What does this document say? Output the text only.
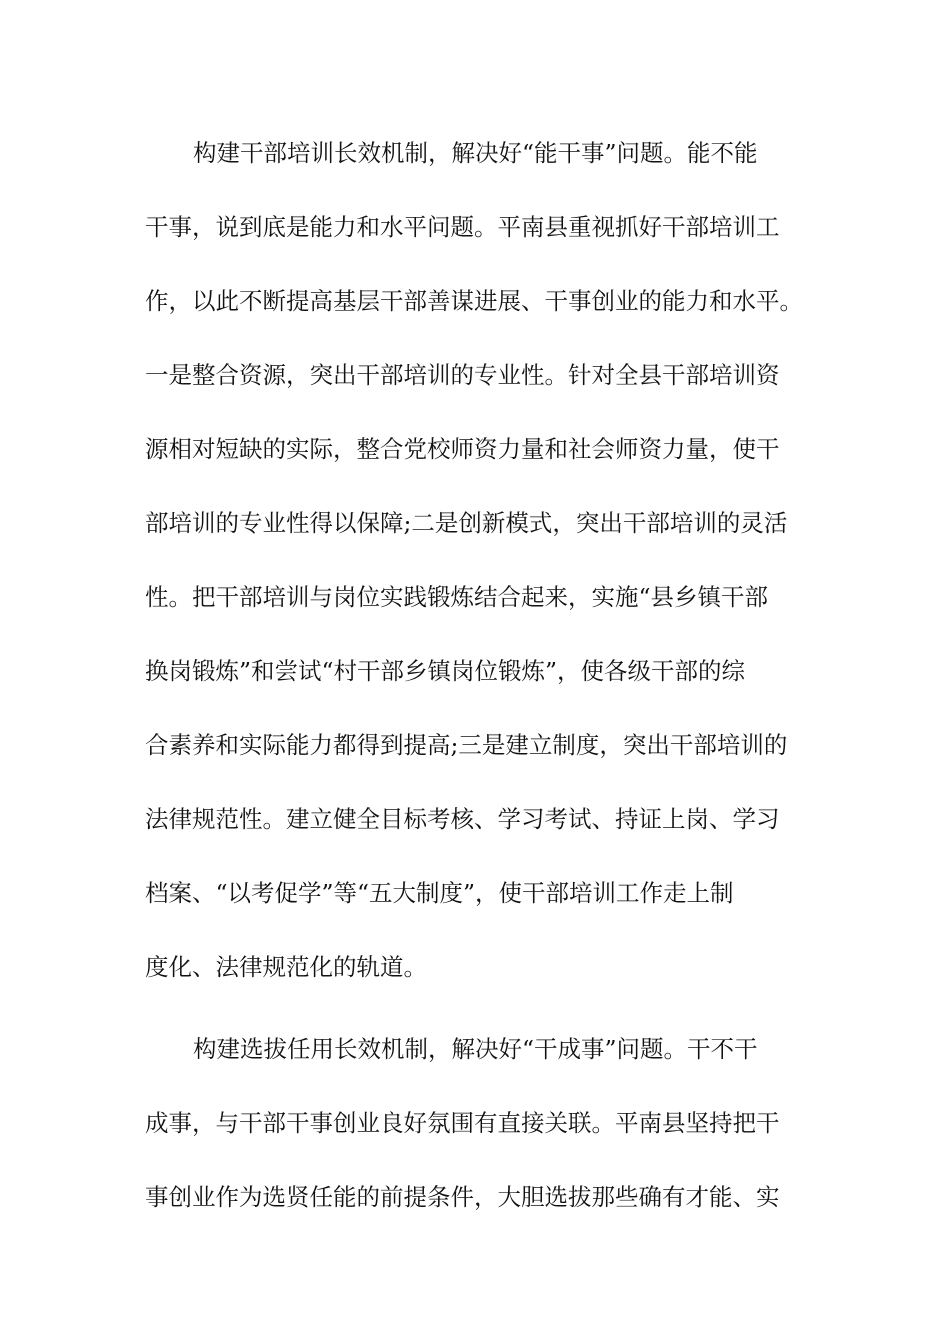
构建干部培训长效机制，解决好“能干事”问题。能不能
干事，说到底是能力和水平问题。平南县重视抓好干部培训工
作，以此不断提高基层干部善谋进展、干事创业的能力和水平。
一是整合资源，突出干部培训的专业性。针对全县干部培训资
源相对短缺的实际，整合党校师资力量和社会师资力量，使干
部培训的专业性得以保障;二是创新模式，突出干部培训的灵活
性。把干部培训与岗位实践锻炼结合起来，实施“县乡镇干部
换岗锻炼”和尝试“村干部乡镇岗位锻炼”，使各级干部的综
合素养和实际能力都得到提高;三是建立制度，突出干部培训的
法律规范性。建立健全目标考核、学习考试、持证上岗、学习
档案、“以考促学”等“五大制度”，使干部培训工作走上制
度化、法律规范化的轨道。
构建选拔任用长效机制，解决好“干成事”问题。干不干
成事，与干部干事创业良好氛围有直接关联。平南县坚持把干
事创业作为选贤任能的前提条件，大胆选拔那些确有才能、实
